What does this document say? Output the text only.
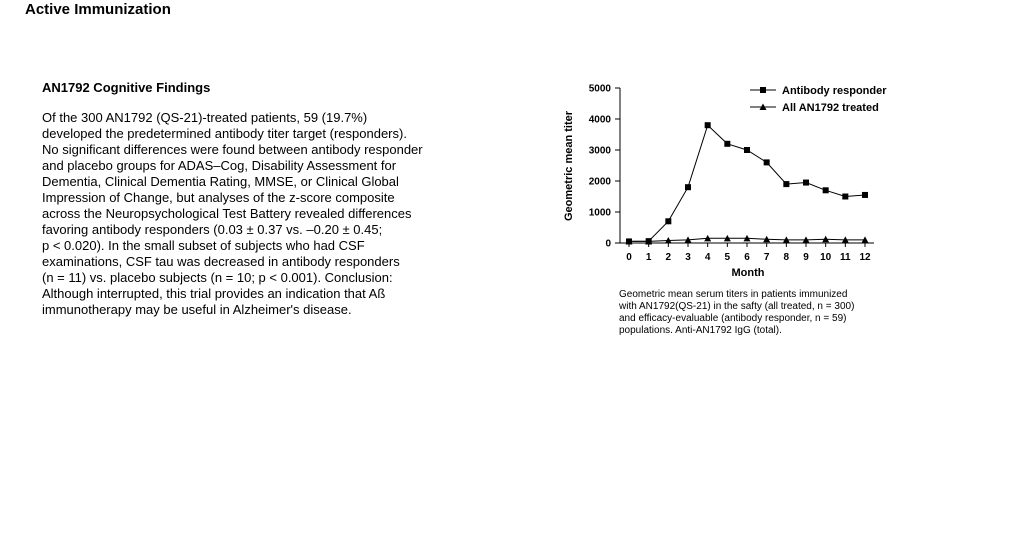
Active Immunization
AN1792 Cognitive Findings

Of the 300 AN1792 (QS-21)-treated patients, 59 (19.7%)
developed the predetermined antibody titer target (responders).
No significant differences were found between antibody responder
and placebo groups for ADAS–Cog, Disability Assessment for
Dementia, Clinical Dementia Rating, MMSE, or Clinical Global
Impression of Change, but analyses of the z-score composite
across the Neuropsychological Test Battery revealed differences
favoring antibody responders (0.03 ± 0.37 vs. –0.20 ± 0.45;
p < 0.020). In the small subset of subjects who had CSF
examinations, CSF tau was decreased in antibody responders
(n = 11) vs. placebo subjects (n = 10; p < 0.001). Conclusion:
Although interrupted, this trial provides an indication that Aß
immunotherapy may be useful in Alzheimer's disease.

0
1000
2000
3000
4000
5000
0 1 2 3 4 5 6 7 8 9 10 11 12
Geometric mean titer
Month
Antibody responder
All AN1792 treated

Geometric mean serum titers in patients immunized
with AN1792(QS-21) in the safty (all treated, n = 300)
and efficacy-evaluable (antibody responder, n = 59)
populations. Anti-AN1792 IgG (total).
